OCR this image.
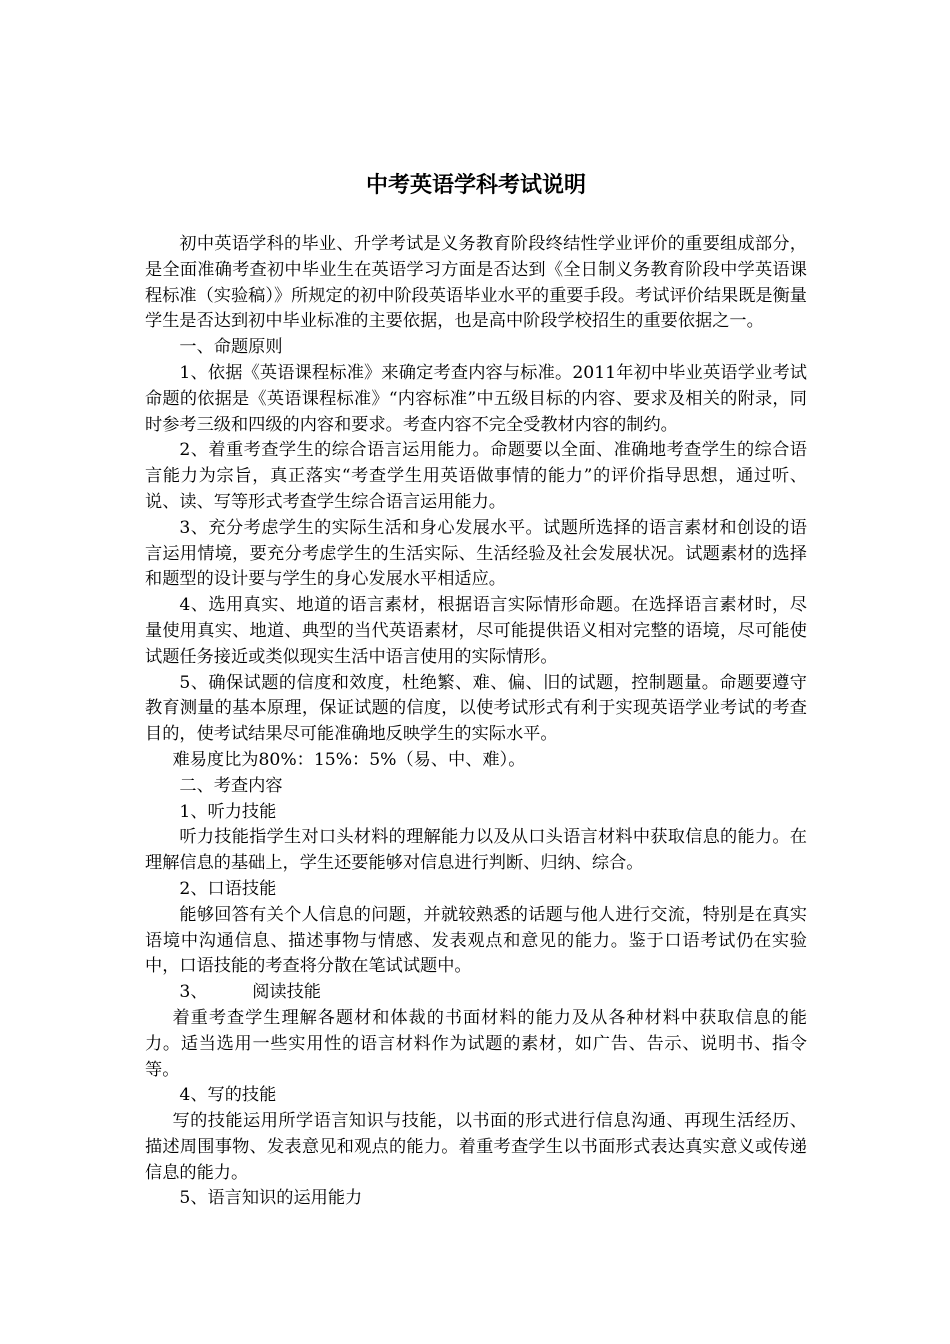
中考英语学科考试说明

初中英语学科的毕业、升学考试是义务教育阶段终结性学业评价的重要组成部分，是全面准确考查初中毕业生在英语学习方面是否达到《全日制义务教育阶段中学英语课程标准（实验稿）》所规定的初中阶段英语毕业水平的重要手段。考试评价结果既是衡量学生是否达到初中毕业标准的主要依据，也是高中阶段学校招生的重要依据之一。

一、命题原则

1、依据《英语课程标准》来确定考查内容与标准。2011年初中毕业英语学业考试命题的依据是《英语课程标准》“内容标准”中五级目标的内容、要求及相关的附录，同时参考三级和四级的内容和要求。考查内容不完全受教材内容的制约。

2、着重考查学生的综合语言运用能力。命题要以全面、准确地考查学生的综合语言能力为宗旨，真正落实“考查学生用英语做事情的能力”的评价指导思想，通过听、说、读、写等形式考查学生综合语言运用能力。

3、充分考虑学生的实际生活和身心发展水平。试题所选择的语言素材和创设的语言运用情境，要充分考虑学生的生活实际、生活经验及社会发展状况。试题素材的选择和题型的设计要与学生的身心发展水平相适应。

4、选用真实、地道的语言素材，根据语言实际情形命题。在选择语言素材时，尽量使用真实、地道、典型的当代英语素材，尽可能提供语义相对完整的语境，尽可能使试题任务接近或类似现实生活中语言使用的实际情形。

5、确保试题的信度和效度，杜绝繁、难、偏、旧的试题，控制题量。命题要遵守教育测量的基本原理，保证试题的信度，以使考试形式有利于实现英语学业考试的考查目的，使考试结果尽可能准确地反映学生的实际水平。

难易度比为80%：15%：5%（易、中、难）。

二、考查内容

1、听力技能

听力技能指学生对口头材料的理解能力以及从口头语言材料中获取信息的能力。在理解信息的基础上，学生还要能够对信息进行判断、归纳、综合。

2、口语技能

能够回答有关个人信息的问题，并就较熟悉的话题与他人进行交流，特别是在真实语境中沟通信息、描述事物与情感、发表观点和意见的能力。鉴于口语考试仍在实验中，口语技能的考查将分散在笔试试题中。

3、	阅读技能

着重考查学生理解各题材和体裁的书面材料的能力及从各种材料中获取信息的能力。适当选用一些实用性的语言材料作为试题的素材，如广告、告示、说明书、指令等。

4、写的技能

写的技能运用所学语言知识与技能，以书面的形式进行信息沟通、再现生活经历、描述周围事物、发表意见和观点的能力。着重考查学生以书面形式表达真实意义或传递信息的能力。

5、语言知识的运用能力
